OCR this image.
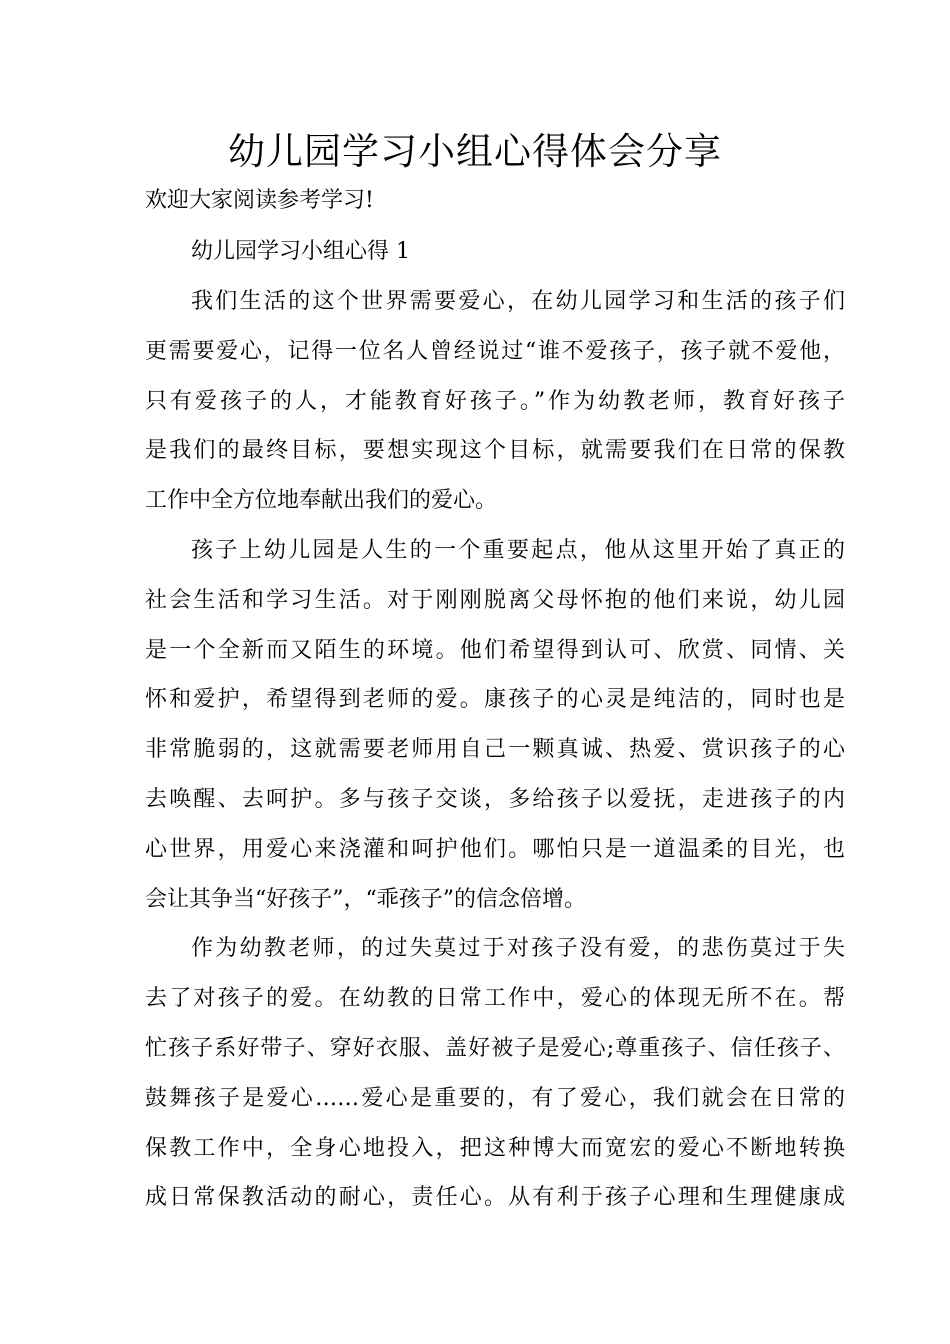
幼儿园学习小组心得体会分享

欢迎大家阅读参考学习!

幼儿园学习小组心得 1

我们生活的这个世界需要爱心，在幼儿园学习和生活的孩子们

更需要爱心，记得一位名人曾经说过“谁不爱孩子，孩子就不爱他，

只有爱孩子的人，才能教育好孩子。”作为幼教老师，教育好孩子

是我们的最终目标，要想实现这个目标，就需要我们在日常的保教

工作中全方位地奉献出我们的爱心。

孩子上幼儿园是人生的一个重要起点，他从这里开始了真正的

社会生活和学习生活。对于刚刚脱离父母怀抱的他们来说，幼儿园

是一个全新而又陌生的环境。他们希望得到认可、欣赏、同情、关

怀和爱护，希望得到老师的爱。康孩子的心灵是纯洁的，同时也是

非常脆弱的，这就需要老师用自己一颗真诚、热爱、赏识孩子的心

去唤醒、去呵护。多与孩子交谈，多给孩子以爱抚，走进孩子的内

心世界，用爱心来浇灌和呵护他们。哪怕只是一道温柔的目光，也

会让其争当“好孩子”，“乖孩子”的信念倍增。

作为幼教老师，的过失莫过于对孩子没有爱，的悲伤莫过于失

去了对孩子的爱。在幼教的日常工作中，爱心的体现无所不在。帮

忙孩子系好带子、穿好衣服、盖好被子是爱心;尊重孩子、信任孩子、

鼓舞孩子是爱心……爱心是重要的，有了爱心，我们就会在日常的

保教工作中，全身心地投入，把这种博大而宽宏的爱心不断地转换

成日常保教活动的耐心，责任心。从有利于孩子心理和生理健康成
